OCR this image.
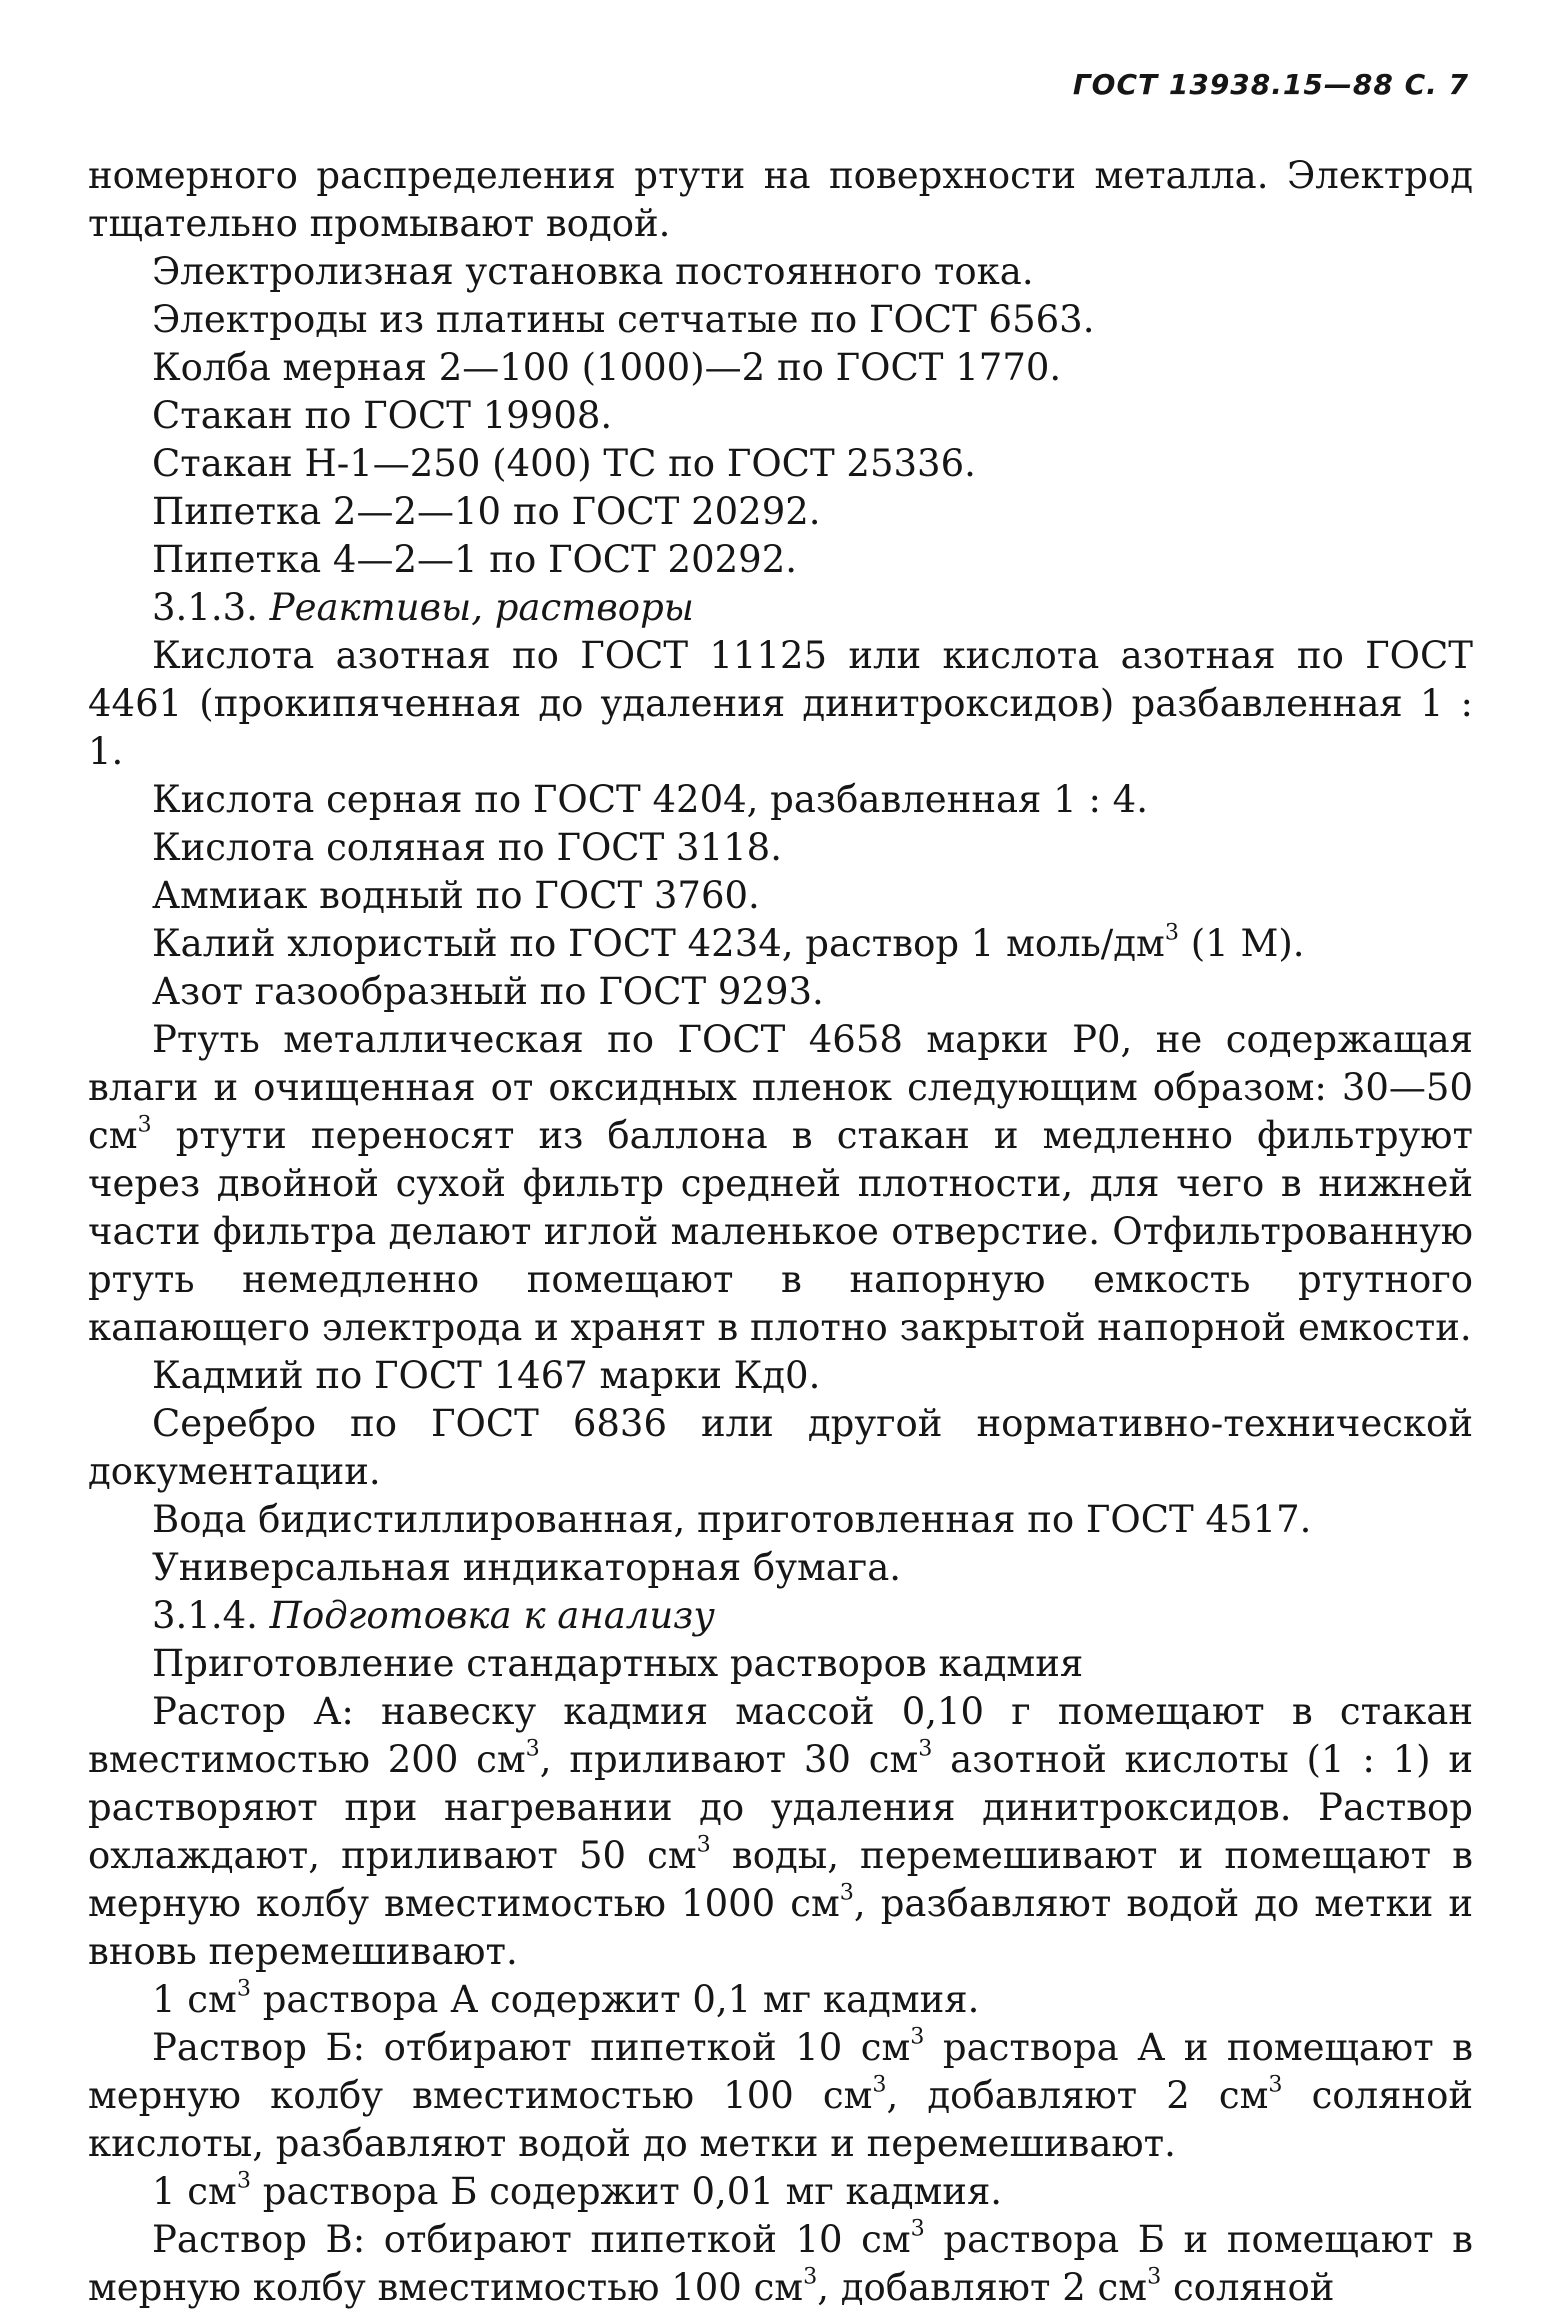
ГОСТ 13938.15—88 С. 7

номерного распределения ртути на поверхности металла. Электрод тщательно промывают водой.

Электролизная установка постоянного тока.

Электроды из платины сетчатые по ГОСТ 6563.

Колба мерная 2—100 (1000)—2 по ГОСТ 1770.

Стакан по ГОСТ 19908.

Стакан Н-1—250 (400) ТС по ГОСТ 25336.

Пипетка 2—2—10 по ГОСТ 20292.

Пипетка 4—2—1 по ГОСТ 20292.

3.1.3. Реактивы, растворы

Кислота азотная по ГОСТ 11125 или кислота азотная по ГОСТ 4461 (прокипяченная до удаления динитроксидов) разбавленная 1 : 1.

Кислота серная по ГОСТ 4204, разбавленная 1 : 4.

Кислота соляная по ГОСТ 3118.

Аммиак водный по ГОСТ 3760.

Калий хлористый по ГОСТ 4234, раствор 1 моль/$дм^3$ (1 М).

Азот газообразный по ГОСТ 9293.

Ртуть металлическая по ГОСТ 4658 марки Р0, не содержащая влаги и очищенная от оксидных пленок следующим образом: 30—50 $см^3$ ртути переносят из баллона в стакан и медленно фильтруют через двойной сухой фильтр средней плотности, для чего в нижней части фильтра делают иглой маленькое отверстие. Отфильтрованную ртуть немедленно помещают в напорную емкость ртутного капающего электрода и хранят в плотно закрытой напорной емкости.

Кадмий по ГОСТ 1467 марки Кд0.

Серебро по ГОСТ 6836 или другой нормативно-технической документации.

Вода бидистиллированная, приготовленная по ГОСТ 4517.

Универсальная индикаторная бумага.

3.1.4. Подготовка к анализу

Приготовление стандартных растворов кадмия

Растор А: навеску кадмия массой 0,10 г помещают в стакан вместимостью 200 $см^3$, приливают 30 $см^3$ азотной кислоты (1 : 1) и растворяют при нагревании до удаления динитроксидов. Раствор охлаждают, приливают 50 $см^3$ воды, перемешивают и помещают в мерную колбу вместимостью 1000 $см^3$, разбавляют водой до метки и вновь перемешивают.

1 $см^3$ раствора А содержит 0,1 мг кадмия.

Раствор Б: отбирают пипеткой 10 $см^3$ раствора А и помещают в мерную колбу вместимостью 100 $см^3$, добавляют 2 $см^3$ соляной кислоты, разбавляют водой до метки и перемешивают.

1 $см^3$ раствора Б содержит 0,01 мг кадмия.

Раствор В: отбирают пипеткой 10 $см^3$ раствора Б и помещают в мерную колбу вместимостью 100 $см^3$, добавляют 2 $см^3$ соляной
